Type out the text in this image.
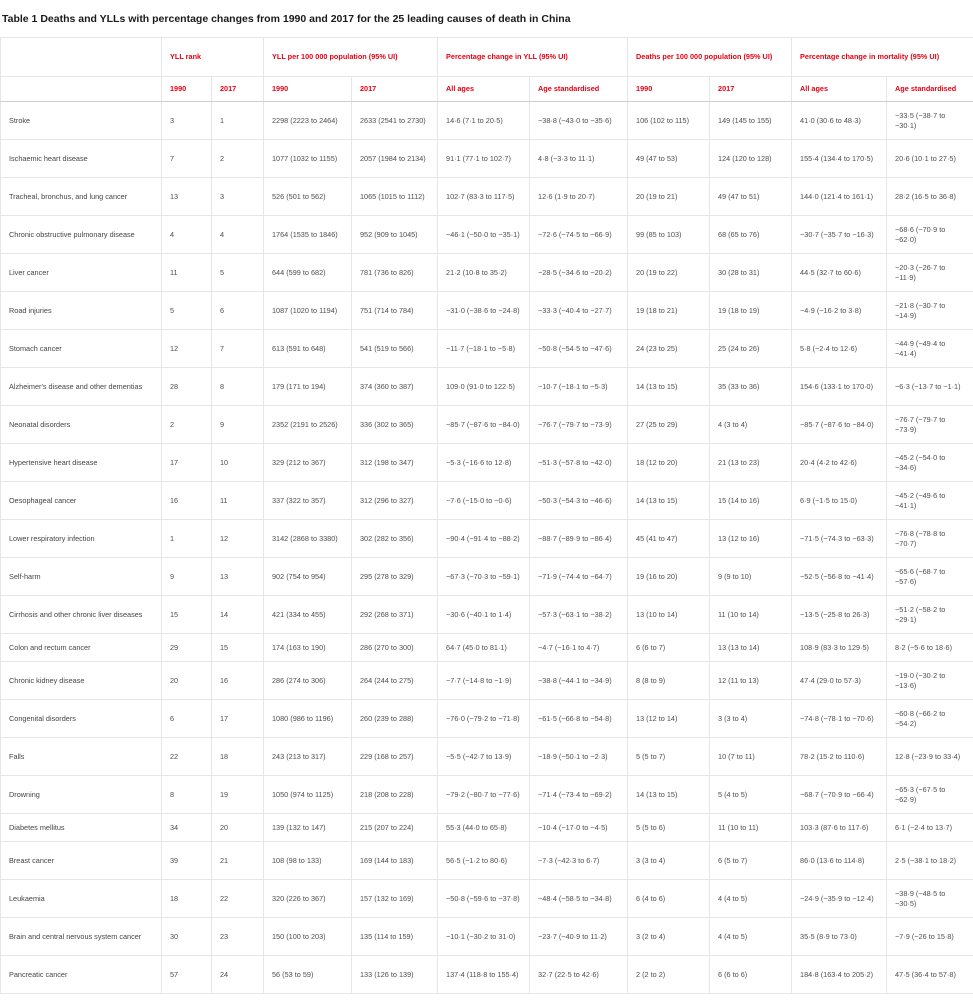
Table 1 Deaths and YLLs with percentage changes from 1990 and 2017 for the 25 leading causes of death in China
	YLL rank		YLL per 100 000 population (95% UI)		Percentage change in YLL (95% UI)		Deaths per 100 000 population (95% UI)		Percentage change in mortality (95% UI)	
	1990	2017	1990	2017	All ages	Age standardised	1990	2017	All ages	Age standardised
Stroke	3	1	2298 (2223 to 2464)	2633 (2541 to 2730)	14·6 (7·1 to 20·5)	−38·8 (−43·0 to −35·6)	106 (102 to 115)	149 (145 to 155)	41·0 (30·6 to 48·3)	−33·5 (−38·7 to −30·1)
Ischaemic heart disease	7	2	1077 (1032 to 1155)	2057 (1984 to 2134)	91·1 (77·1 to 102·7)	4·8 (−3·3 to 11·1)	49 (47 to 53)	124 (120 to 128)	155·4 (134·4 to 170·5)	20·6 (10·1 to 27·5)
Tracheal, bronchus, and lung cancer	13	3	526 (501 to 562)	1065 (1015 to 1112)	102·7 (83·3 to 117·5)	12·6 (1·9 to 20·7)	20 (19 to 21)	49 (47 to 51)	144·0 (121·4 to 161·1)	28·2 (16·5 to 36·8)
Chronic obstructive pulmonary disease	4	4	1764 (1535 to 1846)	952 (909 to 1045)	−46·1 (−50·0 to −35·1)	−72·6 (−74·5 to −66·9)	99 (85 to 103)	68 (65 to 76)	−30·7 (−35·7 to −16·3)	−68·6 (−70·9 to −62·0)
Liver cancer	11	5	644 (599 to 682)	781 (736 to 826)	21·2 (10·8 to 35·2)	−28·5 (−34·6 to −20·2)	20 (19 to 22)	30 (28 to 31)	44·5 (32·7 to 60·6)	−20·3 (−26·7 to −11·9)
Road injuries	5	6	1087 (1020 to 1194)	751 (714 to 784)	−31·0 (−38·6 to −24·8)	−33·3 (−40·4 to −27·7)	19 (18 to 21)	19 (18 to 19)	−4·9 (−16·2 to 3·8)	−21·8 (−30·7 to −14·9)
Stomach cancer	12	7	613 (591 to 648)	541 (519 to 566)	−11·7 (−18·1 to −5·8)	−50·8 (−54·5 to −47·6)	24 (23 to 25)	25 (24 to 26)	5·8 (−2·4 to 12·6)	−44·9 (−49·4 to −41·4)
Alzheimer's disease and other dementias	28	8	179 (171 to 194)	374 (360 to 387)	109·0 (91·0 to 122·5)	−10·7 (−18·1 to −5·3)	14 (13 to 15)	35 (33 to 36)	154·6 (133·1 to 170·0)	−6·3 (−13·7 to −1·1)
Neonatal disorders	2	9	2352 (2191 to 2526)	336 (302 to 365)	−85·7 (−87·6 to −84·0)	−76·7 (−79·7 to −73·9)	27 (25 to 29)	4 (3 to 4)	−85·7 (−87·6 to −84·0)	−76·7 (−79·7 to −73·9)
Hypertensive heart disease	17	10	329 (212 to 367)	312 (198 to 347)	−5·3 (−16·6 to 12·8)	−51·3 (−57·8 to −42·0)	18 (12 to 20)	21 (13 to 23)	20·4 (4·2 to 42·6)	−45·2 (−54·0 to −34·6)
Oesophageal cancer	16	11	337 (322 to 357)	312 (296 to 327)	−7·6 (−15·0 to −0·6)	−50·3 (−54·3 to −46·6)	14 (13 to 15)	15 (14 to 16)	6·9 (−1·5 to 15·0)	−45·2 (−49·6 to −41·1)
Lower respiratory infection	1	12	3142 (2868 to 3380)	302 (282 to 356)	−90·4 (−91·4 to −88·2)	−88·7 (−89·9 to −86·4)	45 (41 to 47)	13 (12 to 16)	−71·5 (−74·3 to −63·3)	−76·8 (−78·8 to −70·7)
Self-harm	9	13	902 (754 to 954)	295 (278 to 329)	−67·3 (−70·3 to −59·1)	−71·9 (−74·4 to −64·7)	19 (16 to 20)	9 (9 to 10)	−52·5 (−56·8 to −41·4)	−65·6 (−68·7 to −57·6)
Cirrhosis and other chronic liver diseases	15	14	421 (334 to 455)	292 (268 to 371)	−30·6 (−40·1 to 1·4)	−57·3 (−63·1 to −38·2)	13 (10 to 14)	11 (10 to 14)	−13·5 (−25·8 to 26·3)	−51·2 (−58·2 to −29·1)
Colon and rectum cancer	29	15	174 (163 to 190)	286 (270 to 300)	64·7 (45·0 to 81·1)	−4·7 (−16·1 to 4·7)	6 (6 to 7)	13 (13 to 14)	108·9 (83·3 to 129·5)	8·2 (−5·6 to 18·6)
Chronic kidney disease	20	16	286 (274 to 306)	264 (244 to 275)	−7·7 (−14·8 to −1·9)	−38·8 (−44·1 to −34·9)	8 (8 to 9)	12 (11 to 13)	47·4 (29·0 to 57·3)	−19·0 (−30·2 to −13·6)
Congenital disorders	6	17	1080 (986 to 1196)	260 (239 to 288)	−76·0 (−79·2 to −71·8)	−61·5 (−66·8 to −54·8)	13 (12 to 14)	3 (3 to 4)	−74·8 (−78·1 to −70·6)	−60·8 (−66·2 to −54·2)
Falls	22	18	243 (213 to 317)	229 (168 to 257)	−5·5 (−42·7 to 13·9)	−18·9 (−50·1 to −2·3)	5 (5 to 7)	10 (7 to 11)	78·2 (15·2 to 110·6)	12·8 (−23·9 to 33·4)
Drowning	8	19	1050 (974 to 1125)	218 (208 to 228)	−79·2 (−80·7 to −77·6)	−71·4 (−73·4 to −69·2)	14 (13 to 15)	5 (4 to 5)	−68·7 (−70·9 to −66·4)	−65·3 (−67·5 to −62·9)
Diabetes mellitus	34	20	139 (132 to 147)	215 (207 to 224)	55·3 (44·0 to 65·8)	−10·4 (−17·0 to −4·5)	5 (5 to 6)	11 (10 to 11)	103·3 (87·6 to 117·6)	6·1 (−2·4 to 13·7)
Breast cancer	39	21	108 (98 to 133)	169 (144 to 183)	56·5 (−1·2 to 80·6)	−7·3 (−42·3 to 6·7)	3 (3 to 4)	6 (5 to 7)	86·0 (13·6 to 114·8)	2·5 (−38·1 to 18·2)
Leukaemia	18	22	320 (226 to 367)	157 (132 to 169)	−50·8 (−59·6 to −37·8)	−48·4 (−58·5 to −34·8)	6 (4 to 6)	4 (4 to 5)	−24·9 (−35·9 to −12·4)	−38·9 (−48·5 to −30·5)
Brain and central nervous system cancer	30	23	150 (100 to 203)	135 (114 to 159)	−10·1 (−30·2 to 31·0)	−23·7 (−40·9 to 11·2)	3 (2 to 4)	4 (4 to 5)	35·5 (8·9 to 73·0)	−7·9 (−26 to 15·8)
Pancreatic cancer	57	24	56 (53 to 59)	133 (126 to 139)	137·4 (118·8 to 155·4)	32·7 (22·5 to 42·6)	2 (2 to 2)	6 (6 to 6)	184·8 (163·4 to 205·2)	47·5 (36·4 to 57·8)
